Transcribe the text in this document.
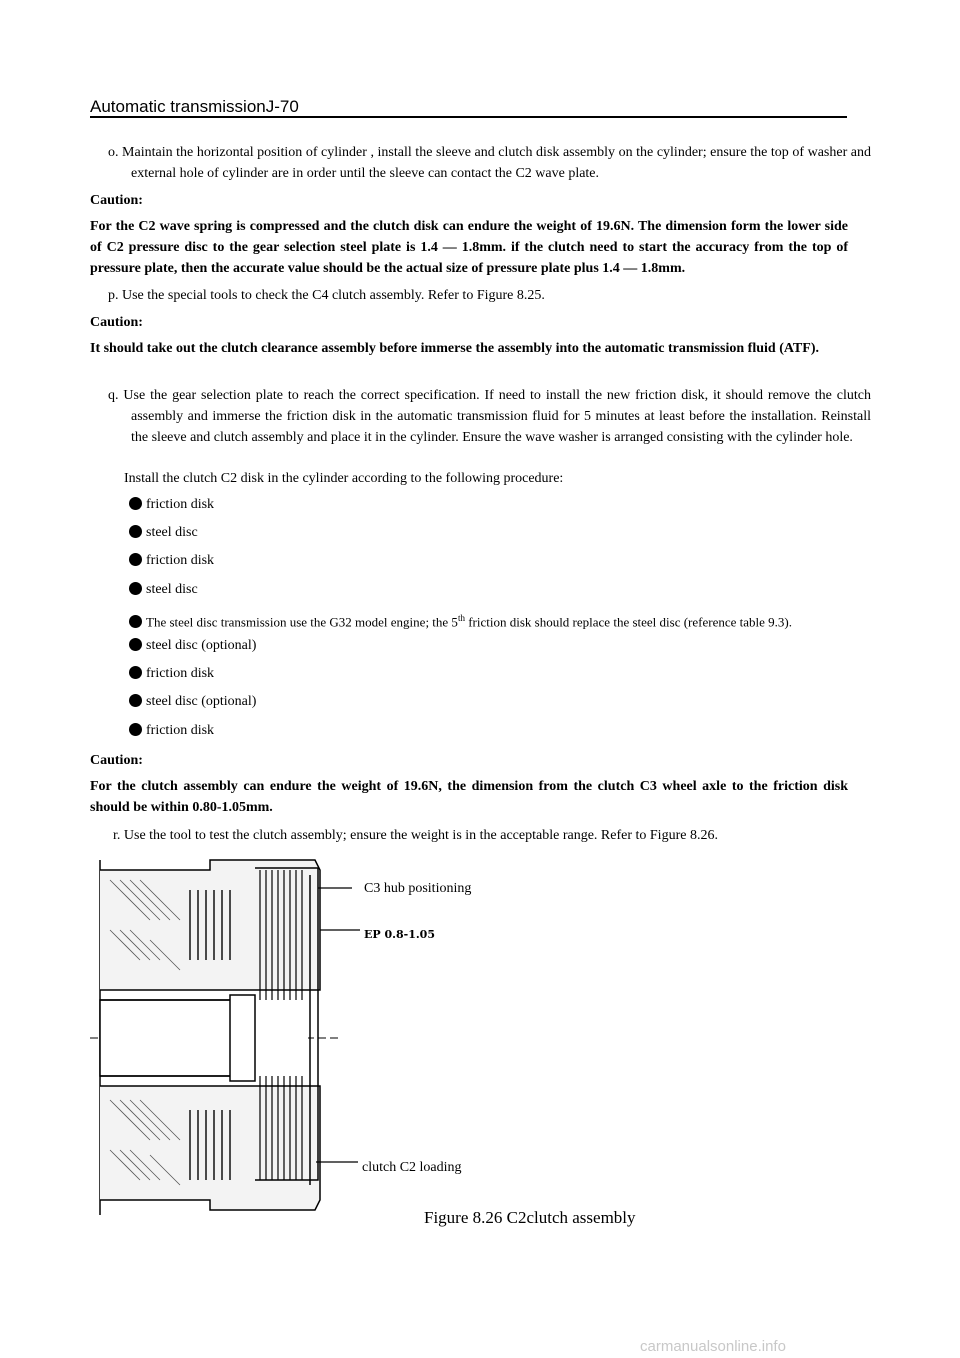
Automatic transmissionJ-70
o. Maintain the horizontal position of cylinder , install the sleeve and clutch disk assembly on the cylinder; ensure the top of washer and external hole of cylinder are in order until the sleeve can contact the C2 wave plate.
Caution:
For the C2 wave spring is compressed and the clutch disk can endure the weight of 19.6N. The dimension form the lower side of C2 pressure disc to the gear selection steel plate is 1.4 — 1.8mm. if the clutch need to start the accuracy from the top of pressure plate, then the accurate value should be the actual size of pressure plate plus 1.4 — 1.8mm.
p. Use the special tools to check the C4 clutch assembly. Refer to Figure 8.25.
Caution:
It should take out the clutch clearance assembly before immerse the assembly into the automatic transmission fluid (ATF).
q. Use the gear selection plate to reach the correct specification. If need to install the new friction disk, it should remove the clutch assembly and immerse the friction disk in the automatic transmission fluid for 5 minutes at least before the installation. Reinstall the sleeve and clutch assembly and place it in the cylinder. Ensure the wave washer is arranged consisting with the cylinder hole.
Install the clutch C2 disk in the cylinder according to the following procedure:
friction disk
steel disc
friction disk
steel disc
The steel disc transmission use the G32 model engine; the 5th friction disk should replace the steel disc (reference table 9.3).
steel disc (optional)
friction disk
steel disc (optional)
friction disk
Caution:
For the clutch assembly can endure the weight of 19.6N, the dimension from the clutch C3 wheel axle to the friction disk should be within 0.80-1.05mm.
r. Use the tool to test the clutch assembly; ensure the weight is in the acceptable range. Refer to Figure 8.26.
C3 hub positioning
EP 0.8-1.05
clutch C2 loading
Figure 8.26 C2clutch assembly
carmanualsonline.info
